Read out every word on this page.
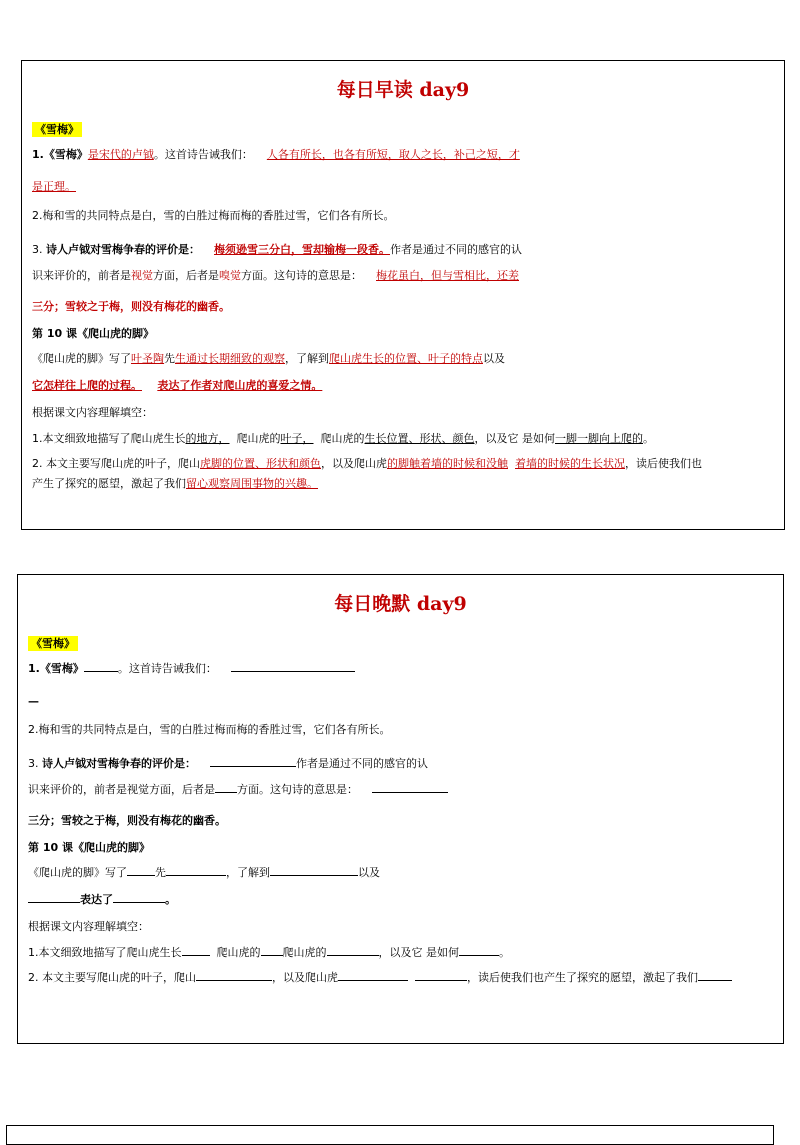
每日早读 day9
《雪梅》
1.《雪梅》是宋代的卢钺。这首诗告诫我们： 人各有所长，也各有所短，取人之长，补己之短，才
是正理。
2.梅和雪的共同特点是白，雪的白胜过梅而梅的香胜过雪，它们各有所长。
3. 诗人卢钺对雪梅争春的评价是： 梅须逊雪三分白，雪却输梅一段香。作者是通过不同的感官的认
识来评价的，前者是视觉方面，后者是嗅觉方面。这句诗的意思是： 梅花虽白，但与雪相比，还差
三分；雪较之于梅，则没有梅花的幽香。
第 10 课《爬山虎的脚》
《爬山虎的脚》写了叶圣陶先生通过长期细致的观察，了解到爬山虎生长的位置、叶子的特点以及
它怎样往上爬的过程。 表达了作者对爬山虎的喜爱之情。
根据课文内容理解填空：
1.本文细致地描写了爬山虎生长的地方， 爬山虎的叶子， 爬山虎的生长位置、形状、颜色，以及它 是如何一脚一脚向上爬的。
2. 本文主要写爬山虎的叶子，爬山虎脚的位置、形状和颜色，以及爬山虎的脚触着墙的时候和没触 着墙的时候的生长状况，读后使我们也
产生了探究的愿望，激起了我们留心观察周围事物的兴趣。
每日晚默 day9
《雪梅》
1.《雪梅》	。这首诗告诫我们：
—
2.梅和雪的共同特点是白，雪的白胜过梅而梅的香胜过雪，它们各有所长。
3. 诗人卢钺对雪梅争春的评价是：	作者是通过不同的感官的认
识来评价的，前者是视觉方面，后者是 方面。这句诗的意思是：
三分；雪较之于梅，则没有梅花的幽香。
第 10 课《爬山虎的脚》
《爬山虎的脚》写了	先	，了解到	以及
表达了	。
根据课文内容理解填空：
1.本文细致地描写了爬山虎生长	爬山虎的 爬山虎的	，以及它 是如何	。
2. 本文主要写爬山虎的叶子，爬山	，以及爬山虎	，读后使我们也产生了探究的愿望，激起了我们
